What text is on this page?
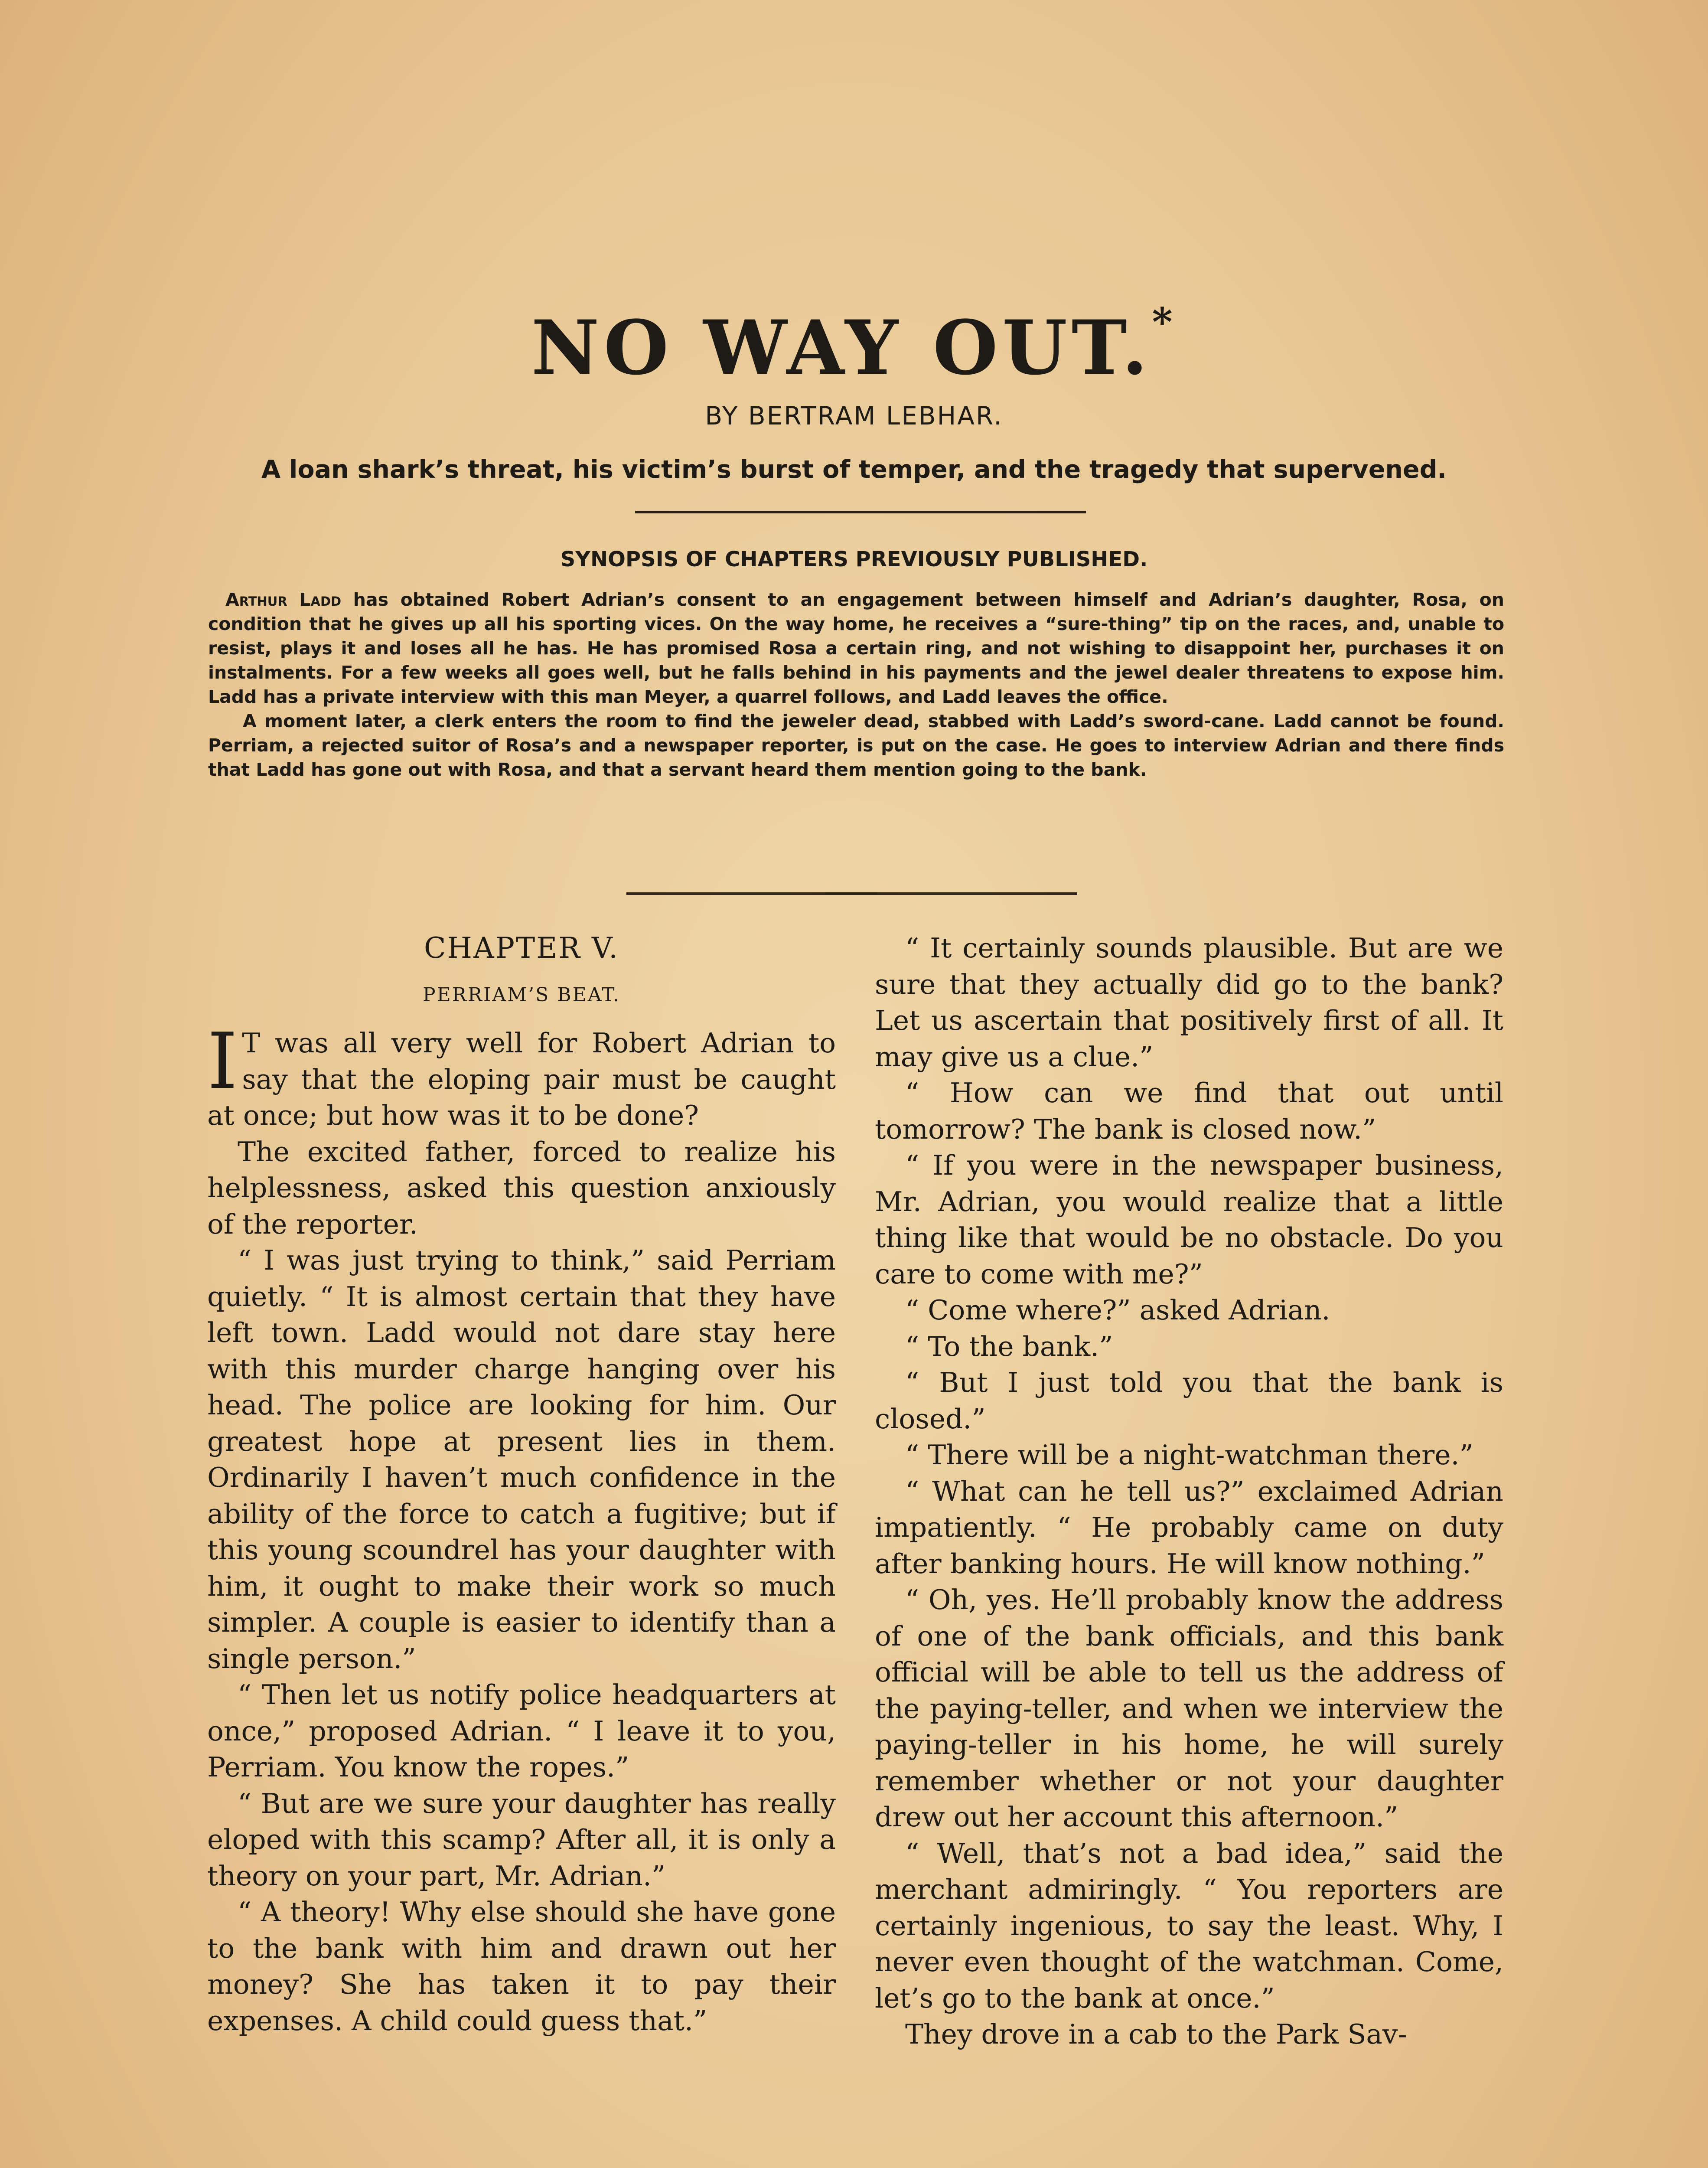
NO WAY OUT.*
BY BERTRAM LEBHAR.
A loan shark’s threat, his victim’s burst of temper, and the tragedy that supervened.
SYNOPSIS OF CHAPTERS PREVIOUSLY PUBLISHED.

Arthur Ladd has obtained Robert Adrian’s consent to an engagement between himself and Adrian’s daughter, Rosa, on condition that he gives up all his sporting vices. On the way home, he receives a “sure-thing” tip on the races, and, unable to resist, plays it and loses all he has. He has promised Rosa a certain ring, and not wishing to disappoint her, purchases it on instalments. For a few weeks all goes well, but he falls behind in his payments and the jewel dealer threatens to expose him. Ladd has a private interview with this man Meyer, a quarrel follows, and Ladd leaves the office.

A moment later, a clerk enters the room to find the jeweler dead, stabbed with Ladd’s sword-cane. Ladd cannot be found. Perriam, a rejected suitor of Rosa’s and a newspaper reporter, is put on the case. He goes to interview Adrian and there finds that Ladd has gone out with Rosa, and that a servant heard them mention going to the bank.

CHAPTER V.
PERRIAM’S BEAT.

I T was all very well for Robert Adrian to say that the eloping pair must be caught at once; but how was it to be done?

The excited father, forced to realize his helplessness, asked this question anxiously of the reporter.

“ I was just trying to think,” said Perriam quietly. “ It is almost certain that they have left town. Ladd would not dare stay here with this murder charge hanging over his head. The police are looking for him. Our greatest hope at present lies in them. Ordinarily I haven’t much confidence in the ability of the force to catch a fugitive; but if this young scoundrel has your daughter with him, it ought to make their work so much simpler. A couple is easier to identify than a single person.”

“ Then let us notify police headquarters at once,” proposed Adrian. “ I leave it to you, Perriam. You know the ropes.”

“ But are we sure your daughter has really eloped with this scamp? After all, it is only a theory on your part, Mr. Adrian.”

“ A theory! Why else should she have gone to the bank with him and drawn out her money? She has taken it to pay their expenses. A child could guess that.”

“ It certainly sounds plausible. But are we sure that they actually did go to the bank? Let us ascertain that positively first of all. It may give us a clue.”

“ How can we find that out until tomorrow? The bank is closed now.”

“ If you were in the newspaper business, Mr. Adrian, you would realize that a little thing like that would be no obstacle. Do you care to come with me?”

“ Come where?” asked Adrian.

“ To the bank.”

“ But I just told you that the bank is closed.”

“ There will be a night-watchman there.”

“ What can he tell us?” exclaimed Adrian impatiently. “ He probably came on duty after banking hours. He will know nothing.”

“ Oh, yes. He’ll probably know the address of one of the bank officials, and this bank official will be able to tell us the address of the paying-teller, and when we interview the paying-teller in his home, he will surely remember whether or not your daughter drew out her account this afternoon.”

“ Well, that’s not a bad idea,” said the merchant admiringly. “ You reporters are certainly ingenious, to say the least. Why, I never even thought of the watchman. Come, let’s go to the bank at once.”

They drove in a cab to the Park Sav-
